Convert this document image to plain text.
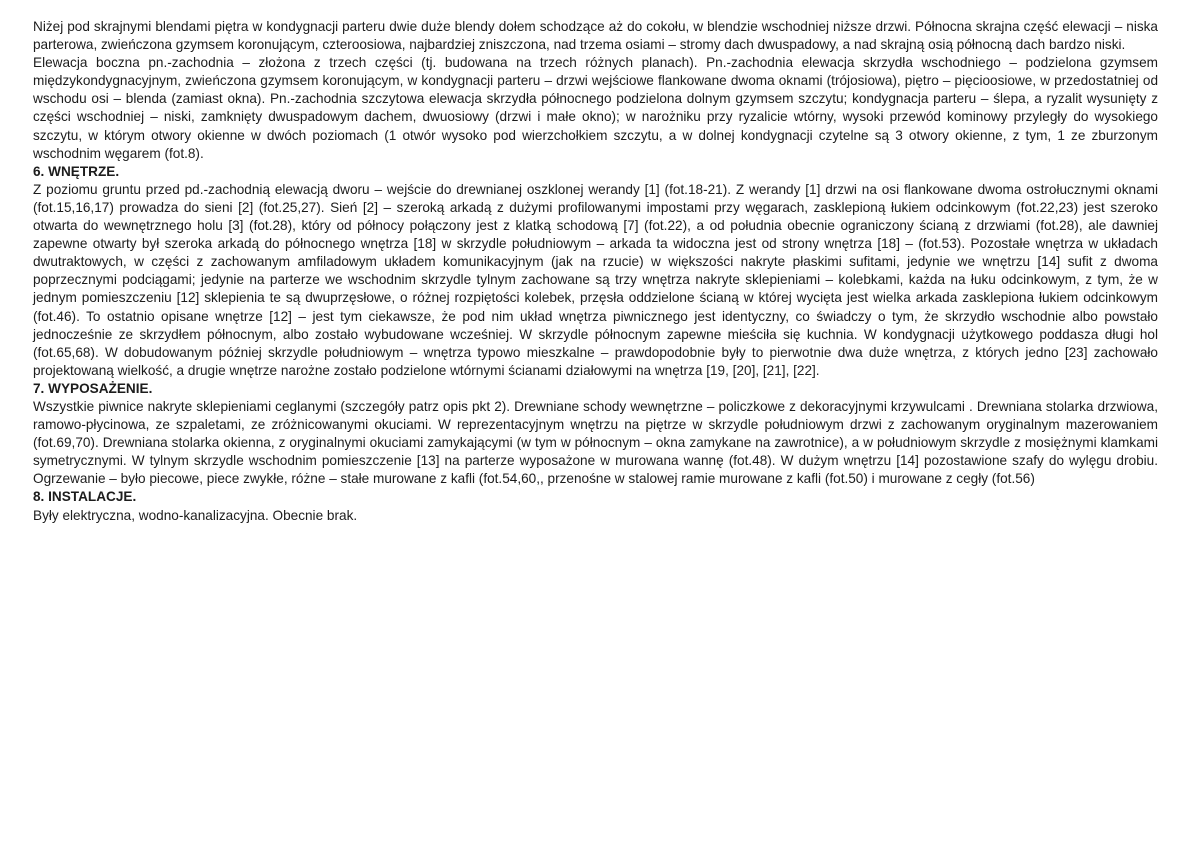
Niżej pod skrajnymi blendami piętra w kondygnacji parteru dwie duże blendy dołem schodzące aż do cokołu, w blendzie wschodniej niższe drzwi. Północna skrajna część elewacji – niska parterowa, zwieńczona gzymsem koronującym, czteroosiowa, najbardziej zniszczona, nad trzema osiami – stromy dach dwuspadowy, a nad skrajną osią północną dach bardzo niski.

Elewacja boczna pn.-zachodnia – złożona z trzech części (tj. budowana na trzech różnych planach). Pn.-zachodnia elewacja skrzydła wschodniego – podzielona gzymsem międzykondygnacyjnym, zwieńczona gzymsem koronującym, w kondygnacji parteru – drzwi wejściowe flankowane dwoma oknami (trójosiowa), piętro – pięcioosiowe, w przedostatniej od wschodu osi – blenda (zamiast okna). Pn.-zachodnia szczytowa elewacja skrzydła północnego podzielona dolnym gzymsem szczytu; kondygnacja parteru – ślepa, a ryzalit wysunięty z części wschodniej – niski, zamknięty dwuspadowym dachem, dwuosiowy (drzwi i małe okno); w narożniku przy ryzalicie wtórny, wysoki przewód kominowy przyległy do wysokiego szczytu, w którym otwory okienne w dwóch poziomach (1 otwór wysoko pod wierzchołkiem szczytu, a w dolnej kondygnacji czytelne są 3 otwory okienne, z tym, 1 ze zburzonym wschodnim węgarem (fot.8).

6. WNĘTRZE.

Z poziomu gruntu przed pd.-zachodnią elewacją dworu – wejście do drewnianej oszklonej werandy [1] (fot.18-21). Z werandy [1] drzwi na osi flankowane dwoma ostrołucznymi oknami (fot.15,16,17) prowadza do sieni [2] (fot.25,27). Sień [2] – szeroką arkadą z dużymi profilowanymi impostami przy węgarach, zasklepioną łukiem odcinkowym (fot.22,23) jest szeroko otwarta do wewnętrznego holu [3] (fot.28), który od północy połączony jest z klatką schodową [7] (fot.22), a od południa obecnie ograniczony ścianą z drzwiami (fot.28), ale dawniej zapewne otwarty był szeroka arkadą do północnego wnętrza [18] w skrzydle południowym – arkada ta widoczna jest od strony wnętrza [18] – (fot.53). Pozostałe wnętrza w układach dwutraktowych, w części z zachowanym amfiladowym układem komunikacyjnym (jak na rzucie) w większości nakryte płaskimi sufitami, jedynie we wnętrzu [14] sufit z dwoma poprzecznymi podciągami; jedynie na parterze we wschodnim skrzydle tylnym zachowane są trzy wnętrza nakryte sklepieniami – kolebkami, każda na łuku odcinkowym, z tym, że w jednym pomieszczeniu [12] sklepienia te są dwuprzęsłowe, o różnej rozpiętości kolebek, przęsła oddzielone ścianą w której wycięta jest wielka arkada zasklepiona łukiem odcinkowym (fot.46). To ostatnio opisane wnętrze [12] – jest tym ciekawsze, że pod nim układ wnętrza piwnicznego jest identyczny, co świadczy o tym, że skrzydło wschodnie albo powstało jednocześnie ze skrzydłem północnym, albo zostało wybudowane wcześniej. W skrzydle północnym zapewne mieściła się kuchnia. W kondygnacji użytkowego poddasza długi hol (fot.65,68). W dobudowanym później skrzydle południowym – wnętrza typowo mieszkalne – prawdopodobnie były to pierwotnie dwa duże wnętrza, z których jedno [23] zachowało projektowaną wielkość, a drugie wnętrze narożne zostało podzielone wtórnymi ścianami działowymi na wnętrza [19, [20], [21], [22].

7. WYPOSAŻENIE.

Wszystkie piwnice nakryte sklepieniami ceglanymi (szczegóły patrz opis pkt 2). Drewniane schody wewnętrzne – policzkowe z dekoracyjnymi krzywulcami . Drewniana stolarka drzwiowa, ramowo-płycinowa, ze szpaletami, ze zróżnicowanymi okuciami. W reprezentacyjnym wnętrzu na piętrze w skrzydle południowym drzwi z zachowanym oryginalnym mazerowaniem (fot.69,70). Drewniana stolarka okienna, z oryginalnymi okuciami zamykającymi (w tym w północnym – okna zamykane na zawrotnice), a w południowym skrzydle z mosiężnymi klamkami symetrycznymi. W tylnym skrzydle wschodnim pomieszczenie [13] na parterze wyposażone w murowana wannę (fot.48). W dużym wnętrzu [14] pozostawione szafy do wylęgu drobiu. Ogrzewanie – było piecowe, piece zwykłe, różne – stałe murowane z kafli (fot.54,60,, przenośne w stalowej ramie murowane z kafli (fot.50) i murowane z cegły (fot.56)

8. INSTALACJE.

Były elektryczna, wodno-kanalizacyjna. Obecnie brak.
